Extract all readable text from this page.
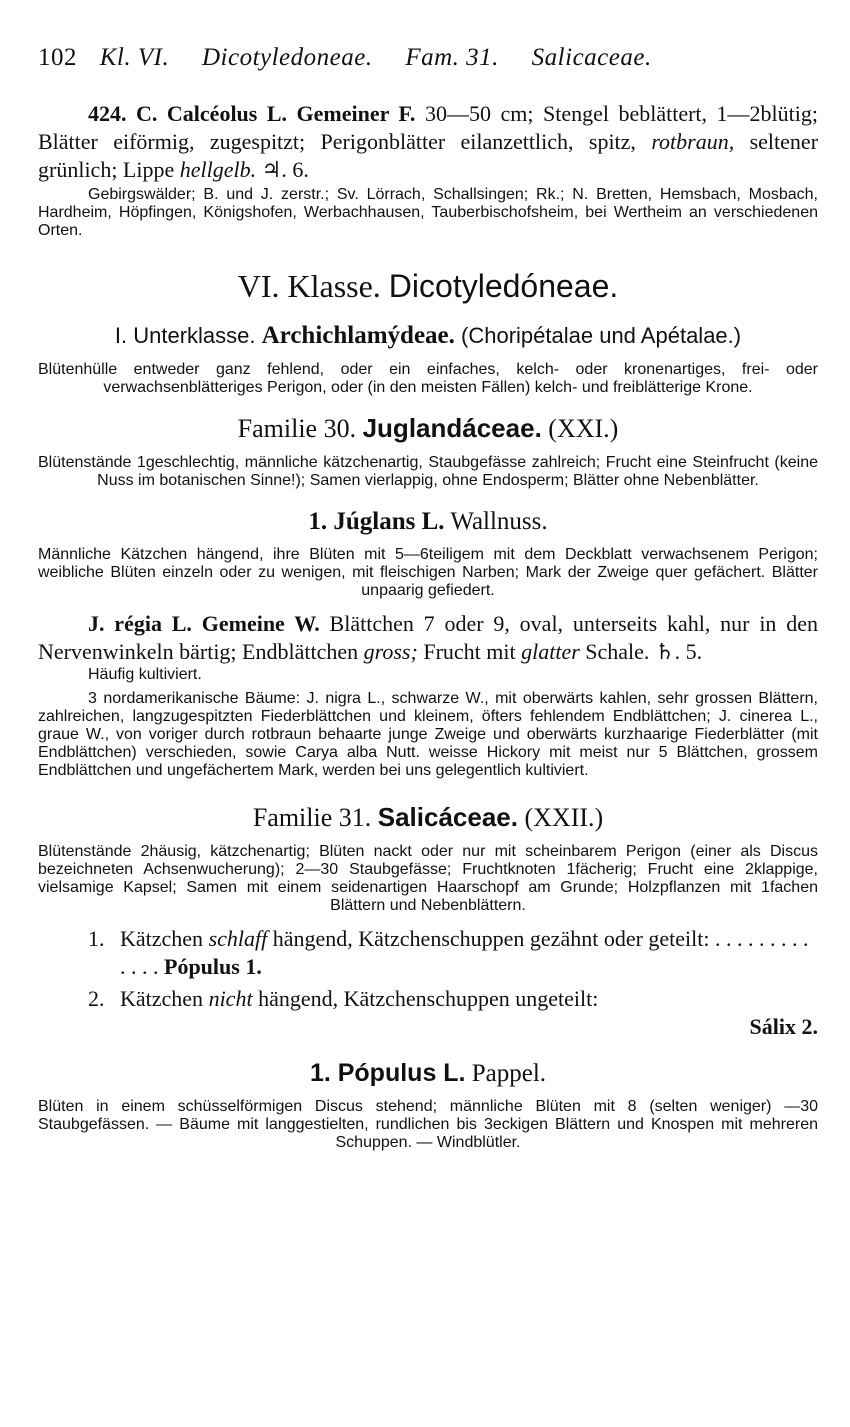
102 Kl. VI. Dicotyledoneae. Fam. 31. Salicaceae.
424. C. Calcéolus L. Gemeiner F. 30—50 cm; Stengel beblättert, 1—2blütig; Blätter eiförmig, zugespitzt; Perigonblätter eilanzettlich, spitz, rotbraun, seltener grünlich; Lippe hellgelb. ♃. 6.
Gebirgswälder; B. und J. zerstr.; Sv. Lörrach, Schallsingen; Rk.; N. Bretten, Hemsbach, Mosbach, Hardheim, Höpfingen, Königshofen, Werbachhausen, Tauberbischofsheim, bei Wertheim an verschiedenen Orten.
VI. Klasse. Dicotyledóneae.
I. Unterklasse. Archichlamýdeae. (Choripétalae und Apétalae.)
Blütenhülle entweder ganz fehlend, oder ein einfaches, kelch- oder kronenartiges, frei- oder verwachsenblätteriges Perigon, oder (in den meisten Fällen) kelch- und freiblätterige Krone.
Familie 30. Juglandáceae. (XXI.)
Blütenstände 1geschlechtig, männliche kätzchenartig, Staubgefässe zahlreich; Frucht eine Steinfrucht (keine Nuss im botanischen Sinne!); Samen vierlappig, ohne Endosperm; Blätter ohne Nebenblätter.
1. Júglans L. Wallnuss.
Männliche Kätzchen hängend, ihre Blüten mit 5—6teiligem mit dem Deckblatt verwachsenem Perigon; weibliche Blüten einzeln oder zu wenigen, mit fleischigen Narben; Mark der Zweige quer gefächert. Blätter unpaarig gefiedert.
J. régia L. Gemeine W. Blättchen 7 oder 9, oval, unterseits kahl, nur in den Nervenwinkeln bärtig; Endblättchen gross; Frucht mit glatter Schale. ♄. 5.
Häufig kultiviert.
3 nordamerikanische Bäume: J. nigra L., schwarze W., mit oberwärts kahlen, sehr grossen Blättern, zahlreichen, langzugespitzten Fiederblättchen und kleinem, öfters fehlendem Endblättchen; J. cinerea L., graue W., von voriger durch rotbraun behaarte junge Zweige und oberwärts kurzhaarige Fiederblätter (mit Endblättchen) verschieden, sowie Carya alba Nutt. weisse Hickory mit meist nur 5 Blättchen, grossem Endblättchen und ungefächertem Mark, werden bei uns gelegentlich kultiviert.
Familie 31. Salicáceae. (XXII.)
Blütenstände 2häusig, kätzchenartig; Blüten nackt oder nur mit scheinbarem Perigon (einer als Discus bezeichneten Achsenwucherung); 2—30 Staubgefässe; Fruchtknoten 1fächerig; Frucht eine 2klappige, vielsamige Kapsel; Samen mit einem seidenartigen Haarschopf am Grunde; Holzpflanzen mit 1fachen Blättern und Nebenblättern.
1. Kätzchen schlaff hängend, Kätzchenschuppen gezähnt oder geteilt: . . . . . . . . . . . . . Pópulus 1.
2. Kätzchen nicht hängend, Kätzchenschuppen ungeteilt:
Sálix 2.
1. Pópulus L. Pappel.
Blüten in einem schüsselförmigen Discus stehend; männliche Blüten mit 8 (selten weniger) —30 Staubgefässen. — Bäume mit langgestielten, rundlichen bis 3eckigen Blättern und Knospen mit mehreren Schuppen. — Windblütler.
